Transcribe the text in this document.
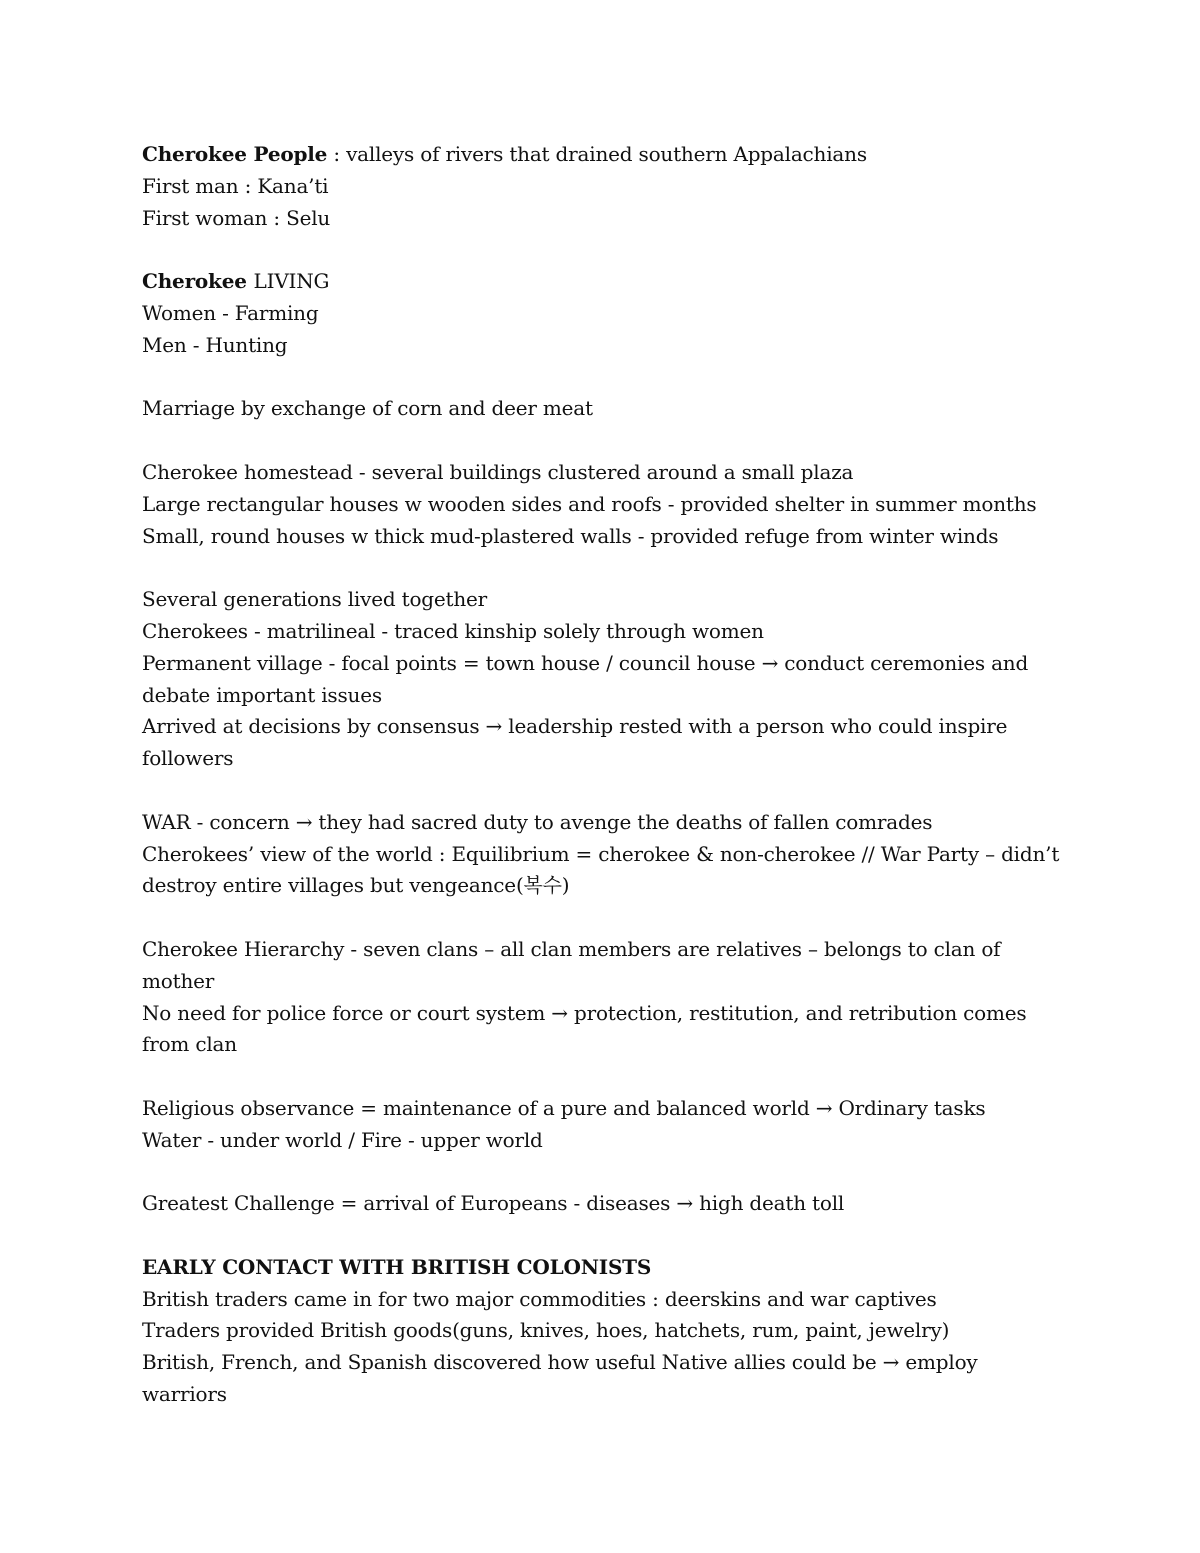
Cherokee People : valleys of rivers that drained southern Appalachians

First man : Kana’ti

First woman : Selu

Cherokee LIVING

Women - Farming

Men - Hunting

Marriage by exchange of corn and deer meat

Cherokee homestead - several buildings clustered around a small plaza

Large rectangular houses w wooden sides and roofs - provided shelter in summer months

Small, round houses w thick mud-plastered walls - provided refuge from winter winds

Several generations lived together

Cherokees - matrilineal - traced kinship solely through women

Permanent village - focal points = town house / council house → conduct ceremonies and debate important issues

Arrived at decisions by consensus → leadership rested with a person who could inspire followers

WAR - concern → they had sacred duty to avenge the deaths of fallen comrades

Cherokees’ view of the world : Equilibrium = cherokee & non-cherokee // War Party – didn’t destroy entire villages but vengeance(복수)

Cherokee Hierarchy - seven clans – all clan members are relatives – belongs to clan of mother

No need for police force or court system → protection, restitution, and retribution comes from clan

Religious observance = maintenance of a pure and balanced world → Ordinary tasks

Water - under world / Fire - upper world

Greatest Challenge = arrival of Europeans - diseases → high death toll

EARLY CONTACT WITH BRITISH COLONISTS

British traders came in for two major commodities : deerskins and war captives

Traders provided British goods(guns, knives, hoes, hatchets, rum, paint, jewelry)

British, French, and Spanish discovered how useful Native allies could be → employ warriors
